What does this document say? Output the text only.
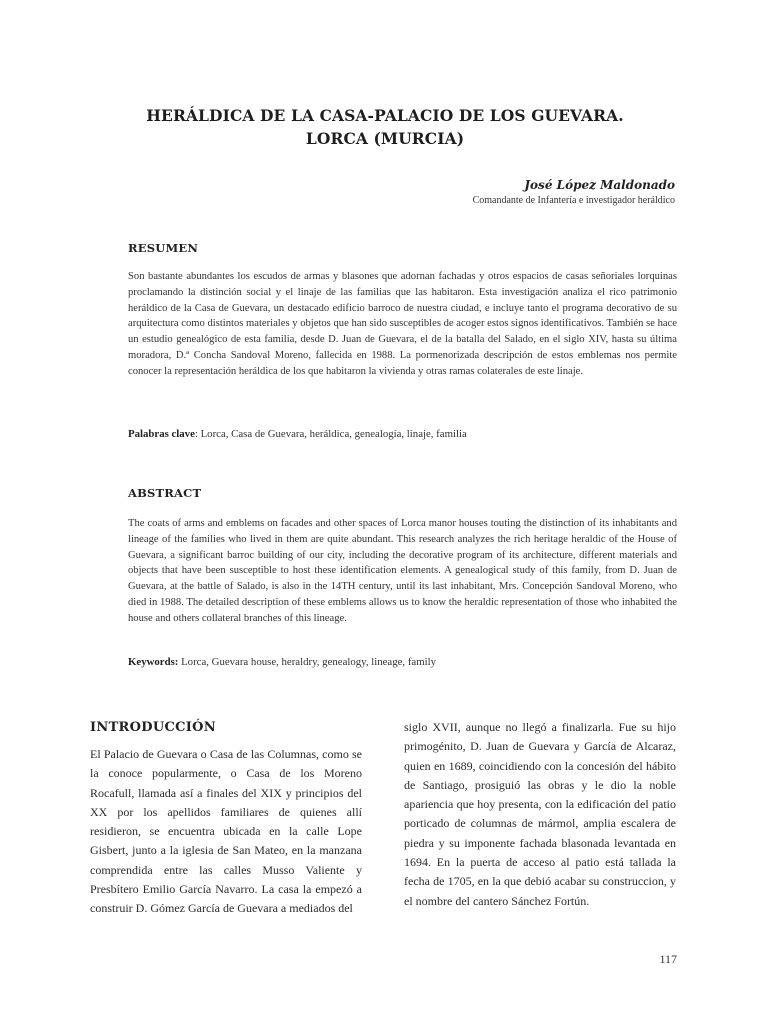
HERÁLDICA DE LA CASA-PALACIO DE LOS GUEVARA.
LORCA (MURCIA)
José López Maldonado
Comandante de Infantería e investigador heráldico
RESUMEN
Son bastante abundantes los escudos de armas y blasones que adornan fachadas y otros espacios de casas señoriales lorquinas proclamando la distinción social y el linaje de las familias que las habitaron. Esta investigación analiza el rico patrimonio heráldico de la Casa de Guevara, un destacado edificio barroco de nuestra ciudad, e incluye tanto el programa decorativo de su arquitectura como distintos materiales y objetos que han sido susceptibles de acoger estos signos identificativos. También se hace un estudio genealógico de esta familia, desde D. Juan de Guevara, el de la batalla del Salado, en el siglo XIV, hasta su última moradora, D.ª Concha Sandoval Moreno, fallecida en 1988. La pormenorizada descripción de estos emblemas nos permite conocer la representación heráldica de los que habitaron la vivienda y otras ramas colaterales de este linaje.
Palabras clave: Lorca, Casa de Guevara, heráldica, genealogía, linaje, familia
ABSTRACT
The coats of arms and emblems on facades and other spaces of Lorca manor houses touting the distinction of its inhabitants and lineage of the families who lived in them are quite abundant. This research analyzes the rich heritage heraldic of the House of Guevara, a significant barroc building of our city, including the decorative program of its architecture, different materials and objects that have been susceptible to host these identification elements. A genealogical study of this family, from D. Juan de Guevara, at the battle of Salado, is also in the 14TH century, until its last inhabitant, Mrs. Concepción Sandoval Moreno, who died in 1988. The detailed description of these emblems allows us to know the heraldic representation of those who inhabited the house and others collateral branches of this lineage.
Keywords: Lorca, Guevara house, heraldry, genealogy, lineage, family
INTRODUCCIÓN
El Palacio de Guevara o Casa de las Columnas, como se la conoce popularmente, o Casa de los Moreno Rocafull, llamada así a finales del XIX y principios del XX por los apellidos familiares de quienes allí residieron, se encuentra ubicada en la calle Lope Gisbert, junto a la iglesia de San Mateo, en la manzana comprendida entre las calles Musso Valiente y Presbítero Emilio García Navarro. La casa la empezó a construir D. Gómez García de Guevara a mediados del
siglo XVII, aunque no llegó a finalizarla. Fue su hijo primogénito, D. Juan de Guevara y García de Alcaraz, quien en 1689, coincidiendo con la concesión del hábito de Santiago, prosiguió las obras y le dio la noble apariencia que hoy presenta, con la edificación del patio porticado de columnas de mármol, amplia escalera de piedra y su imponente fachada blasonada levantada en 1694. En la puerta de acceso al patio está tallada la fecha de 1705, en la que debió acabar su construccion, y el nombre del cantero Sánchez Fortún.
117
